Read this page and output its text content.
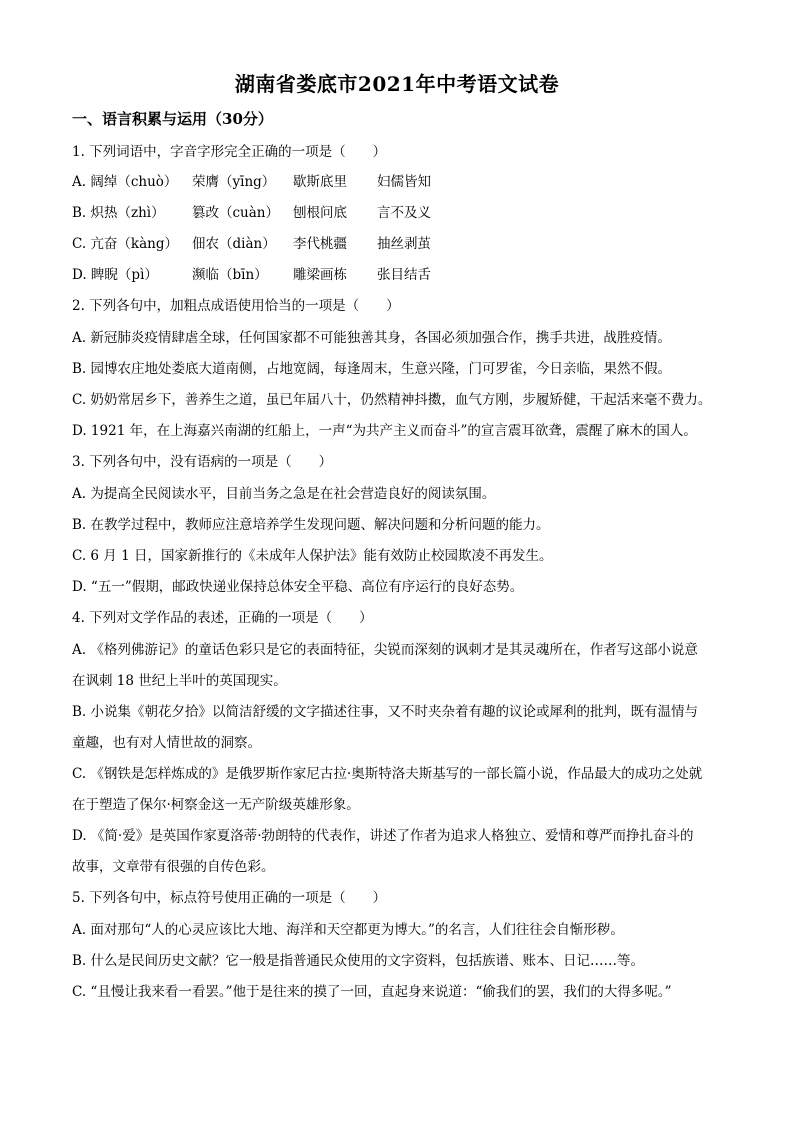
湖南省娄底市2021年中考语文试卷
一、语言积累与运用（30分）
1. 下列词语中，字音字形完全正确的一项是（　　）
A. 阔绰（chuò） 荣膺（yīng） 歇斯底里 妇儒皆知
B. 炽热（zhì） 篡改（cuàn） 刨根问底 言不及义
C. 亢奋（kàng） 佃农（diàn） 李代桃疆 抽丝剥茧
D. 睥睨（pì）	濒临（bīn） 雕梁画栋 张目结舌
2. 下列各句中，加粗点成语使用恰当的一项是（　　）
A. 新冠肺炎疫情肆虐全球，任何国家都不可能独善其身，各国必须加强合作，携手共进，战胜疫情。
B. 园博农庄地处娄底大道南侧，占地宽阔，每逢周末，生意兴隆，门可罗雀，今日亲临，果然不假。
C. 奶奶常居乡下，善养生之道，虽已年届八十，仍然精神抖擞，血气方刚，步履矫健，干起活来毫不费力。
D. 1921 年，在上海嘉兴南湖的红船上，一声“为共产主义而奋斗”的宣言震耳欲聋，震醒了麻木的国人。
3. 下列各句中，没有语病的一项是（　　）
A. 为提高全民阅读水平，目前当务之急是在社会营造良好的阅读氛围。
B. 在教学过程中，教师应注意培养学生发现问题、解决问题和分析问题的能力。
C. 6 月 1 日，国家新推行的《未成年人保护法》能有效防止校园欺凌不再发生。
D. “五一”假期，邮政快递业保持总体安全平稳、高位有序运行的良好态势。
4. 下列对文学作品的表述，正确的一项是（　　）
A. 《格列佛游记》的童话色彩只是它的表面特征，尖锐而深刻的讽刺才是其灵魂所在，作者写这部小说意
在讽刺 18 世纪上半叶的英国现实。
B. 小说集《朝花夕拾》以简洁舒缓的文字描述往事，又不时夹杂着有趣的议论或犀利的批判，既有温情与
童趣，也有对人情世故的洞察。
C. 《钢铁是怎样炼成的》是俄罗斯作家尼古拉·奥斯特洛夫斯基写的一部长篇小说，作品最大的成功之处就
在于塑造了保尔·柯察金这一无产阶级英雄形象。
D. 《简·爱》是英国作家夏洛蒂·勃朗特的代表作，讲述了作者为追求人格独立、爱情和尊严而挣扎奋斗的
故事，文章带有很强的自传色彩。
5. 下列各句中，标点符号使用正确的一项是（　　）
A. 面对那句“人的心灵应该比大地、海洋和天空都更为博大。”的名言，人们往往会自惭形秽。
B. 什么是民间历史文献？它一般是指普通民众使用的文字资料，包括族谱、账本、日记……等。
C. “且慢让我来看一看罢。”他于是往来的摸了一回，直起身来说道：“偷我们的罢，我们的大得多呢。”
